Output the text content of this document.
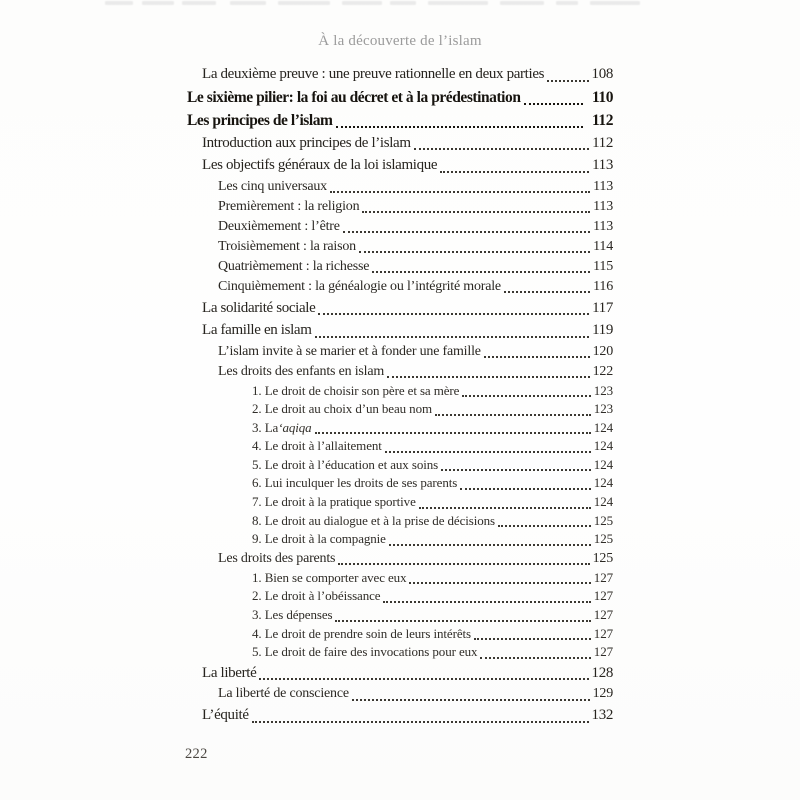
À la découverte de l’islam
La deuxième preuve : une preuve rationnelle en deux parties	108
Le sixième pilier: la foi au décret et à la prédestination	110
Les principes de l’islam	112
Introduction aux principes de l’islam	112
Les objectifs généraux de la loi islamique	113
Les cinq universaux	113
Premièrement : la religion	113
Deuxièmement : l’être	113
Troisièmement : la raison	114
Quatrièmement : la richesse	115
Cinquièmement : la généalogie ou l’intégrité morale	116
La solidarité sociale	117
La famille en islam	119
L’islam invite à se marier et à fonder une famille	120
Les droits des enfants en islam	122
1. Le droit de choisir son père et sa mère	123
2. Le droit au choix d’un beau nom	123
3. La ‘aqiqa	124
4. Le droit à l’allaitement	124
5. Le droit à l’éducation et aux soins	124
6. Lui inculquer les droits de ses parents	124
7. Le droit à la pratique sportive	124
8. Le droit au dialogue et à la prise de décisions	125
9. Le droit à la compagnie	125
Les droits des parents	125
1. Bien se comporter avec eux	127
2. Le droit à l’obéissance	127
3. Les dépenses	127
4. Le droit de prendre soin de leurs intérêts	127
5. Le droit de faire des invocations pour eux	127
La liberté	128
La liberté de conscience	129
L’équité	132
222
